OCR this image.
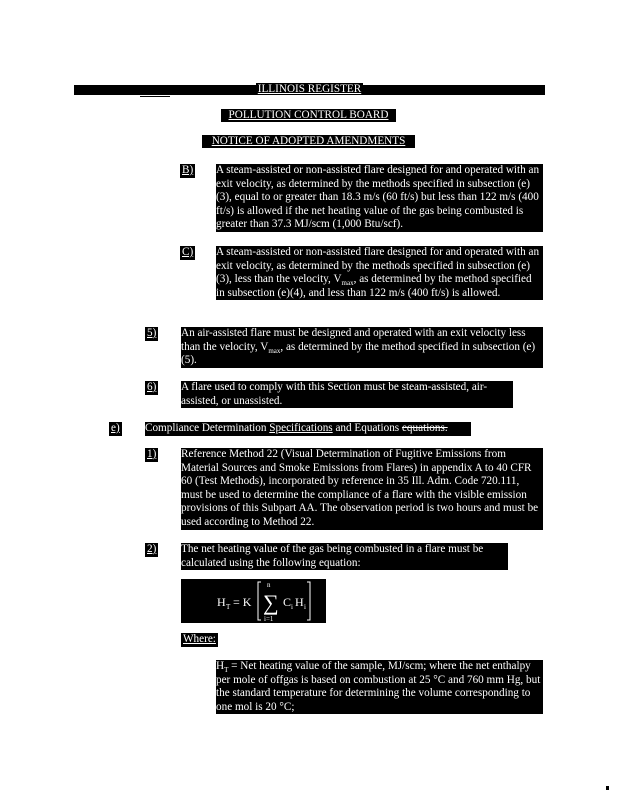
ILLINOIS REGISTER
POLLUTION CONTROL BOARD
NOTICE OF ADOPTED AMENDMENTS
B) A steam-assisted or non-assisted flare designed for and operated with an exit velocity, as determined by the methods specified in subsection (e)(3), equal to or greater than 18.3 m/s (60 ft/s) but less than 122 m/s (400 ft/s) is allowed if the net heating value of the gas being combusted is greater than 37.3 MJ/scm (1,000 Btu/scf).
C) A steam-assisted or non-assisted flare designed for and operated with an exit velocity, as determined by the methods specified in subsection (e)(3), less than the velocity, $V_{max}$, as determined by the method specified in subsection (e)(4), and less than 122 m/s (400 ft/s) is allowed.
5) An air-assisted flare must be designed and operated with an exit velocity less than the velocity, $V_{max}$, as determined by the method specified in subsection (e)(5).
6) A flare used to comply with this Section must be steam-assisted, air-assisted, or unassisted.
e) Compliance Determination Specifications and Equations equations.
1) Reference Method 22 (Visual Determination of Fugitive Emissions from Material Sources and Smoke Emissions from Flares) in appendix A to 40 CFR 60 (Test Methods), incorporated by reference in 35 Ill. Adm. Code 720.111, must be used to determine the compliance of a flare with the visible emission provisions of this Subpart AA. The observation period is two hours and must be used according to Method 22.
2) The net heating value of the gas being combusted in a flare must be calculated using the following equation:
H T = K
n
∑
i=1
C i H i
Where:
$H_T$ = Net heating value of the sample, MJ/scm; where the net enthalpy per mole of offgas is based on combustion at 25 °C and 760 mm Hg, but the standard temperature for determining the volume corresponding to one mol is 20 °C;
